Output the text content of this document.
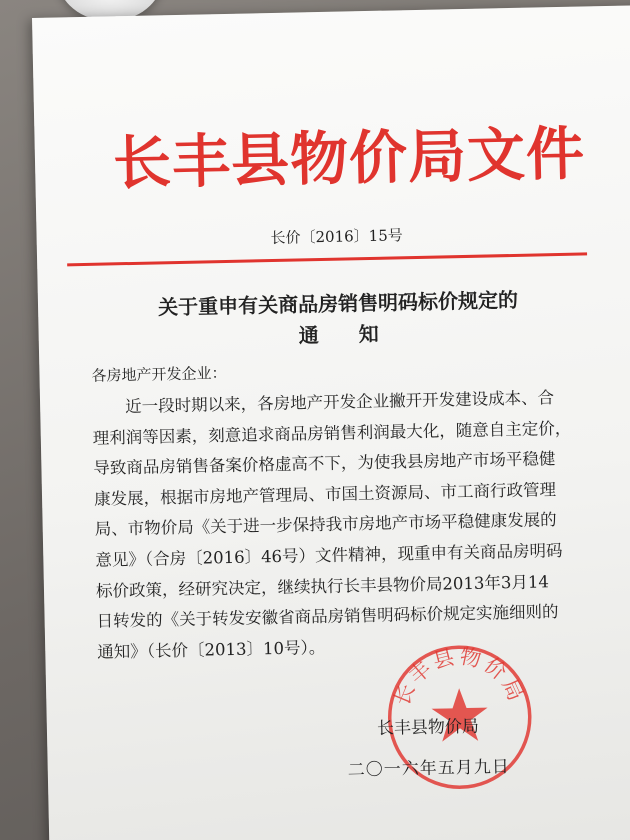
长丰县物价局文件
长价〔2016〕15号
关于重申有关商品房销售明码标价规定的
通　　知
各房地产开发企业：
近一段时期以来，各房地产开发企业撇开开发建设成本、合
理利润等因素，刻意追求商品房销售利润最大化，随意自主定价，
导致商品房销售备案价格虚高不下，为使我县房地产市场平稳健
康发展，根据市房地产管理局、市国土资源局、市工商行政管理
局、市物价局《关于进一步保持我市房地产市场平稳健康发展的
意见》（合房〔2016〕46号）文件精神，现重申有关商品房明码
标价政策，经研究决定，继续执行长丰县物价局2013年3月14
日转发的《关于转发安徽省商品房销售明码标价规定实施细则的
通知》（长价〔2013〕10号）。
长丰县物价局
长丰县物价局
二〇一六年五月九日
